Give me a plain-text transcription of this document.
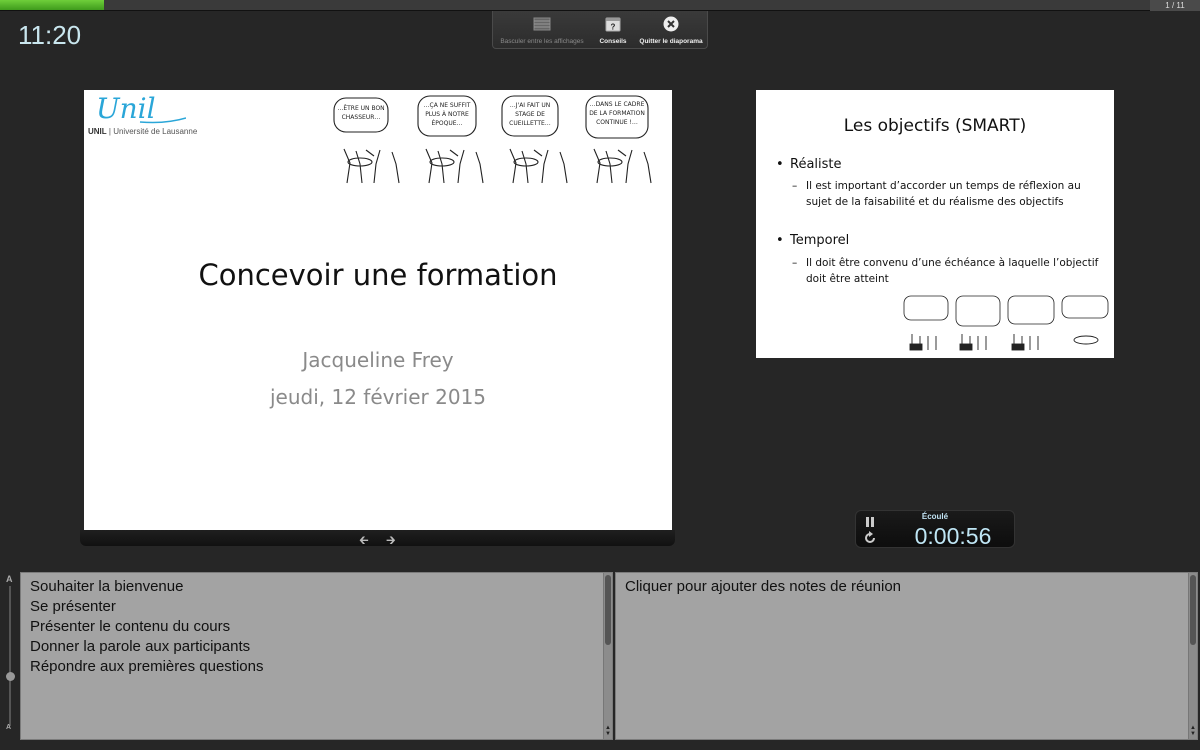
1 / 11
11:20	Basculer entre les affichages
?
Conseils Quitter le diaporama
Unil
UNIL | Université de Lausanne
…ÊTRE UN BON
CHASSEUR…
…ÇA NE SUFFIT
PLUS À NOTRE
ÉPOQUE…
…J'AI FAIT UN
STAGE DE
CUEILLETTE…
…DANS LE CADRE
DE LA FORMATION
CONTINUE !…
Concevoir une formation
Jacqueline Frey
jeudi, 12 février 2015
🡰 🡲
Les objectifs (SMART)
• Réaliste
– Il est important d’accorder un temps de réflexion au sujet de la faisabilité et du réalisme des objectifs
• Temporel
– Il doit être convenu d’une échéance à laquelle l’objectif doit être atteint
Écoulé
0:00:56
A
A
Souhaiter la bienvenue
Se présenter
Présenter le contenu du cours
Donner la parole aux participants
Répondre aux premières questions
▲
▼
Cliquer pour ajouter des notes de réunion
▲
▼
